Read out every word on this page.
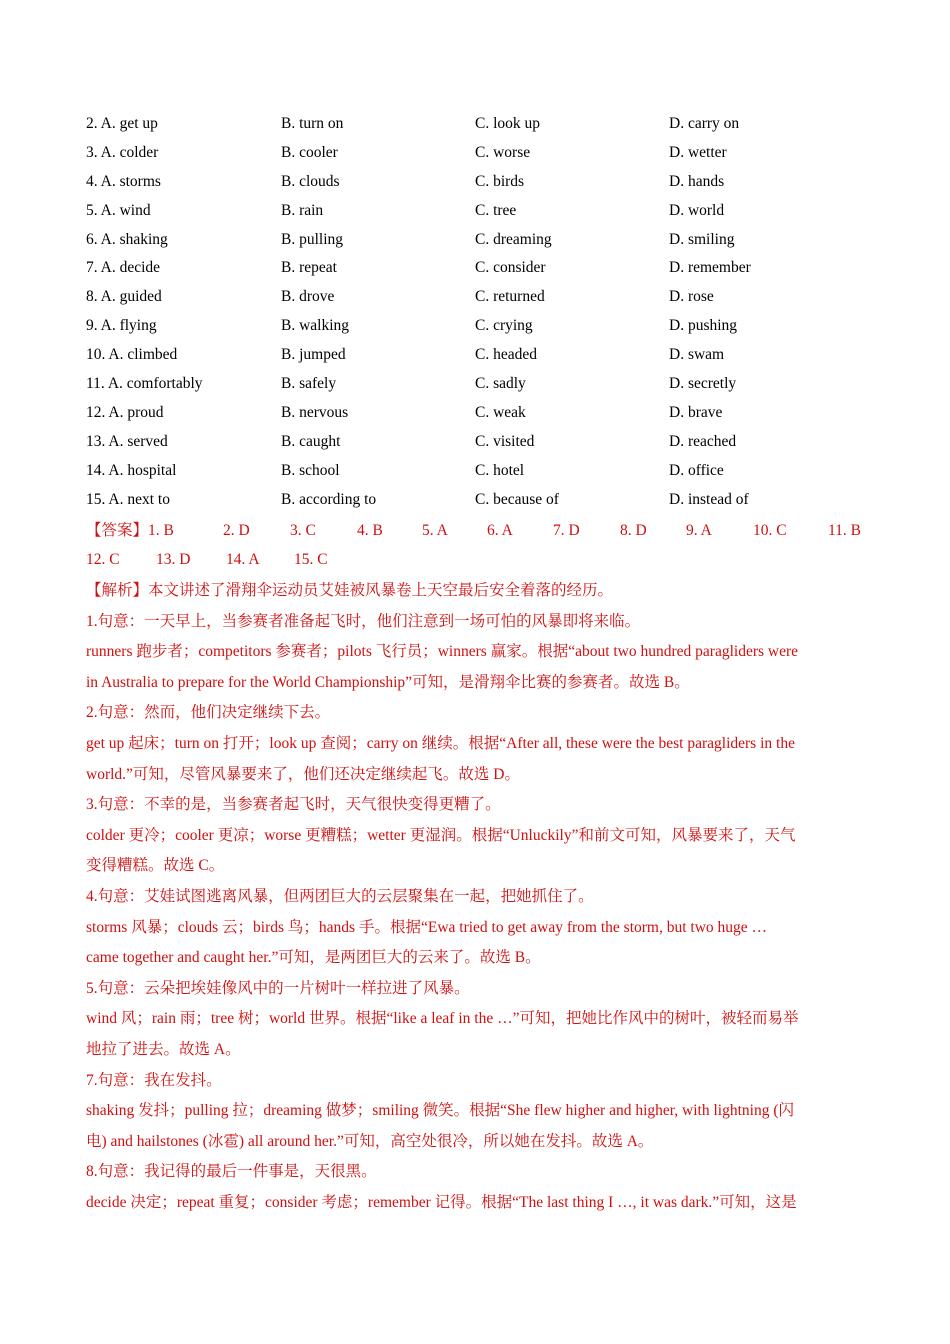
2. A. get up	B. turn on	C. look up	D. carry on
3. A. colder	B. cooler	C. worse	D. wetter
4. A. storms	B. clouds	C. birds	D. hands
5. A. wind	B. rain	C. tree	D. world
6. A. shaking	B. pulling	C. dreaming	D. smiling
7. A. decide	B. repeat	C. consider	D. remember
8. A. guided	B. drove	C. returned	D. rose
9. A. flying	B. walking	C. crying	D. pushing
10. A. climbed	B. jumped	C. headed	D. swam
11. A. comfortably	B. safely	C. sadly	D. secretly
12. A. proud	B. nervous	C. weak	D. brave
13. A. served	B. caught	C. visited	D. reached
14. A. hospital	B. school	C. hotel	D. office
15. A. next to	B. according to	C. because of	D. instead of
【答案】1. B	2. D	3. C	4. B	5. A	6. A	7. D	8. D	9. A	10. C	11. B
12. C 13. D 14. A 15. C
【解析】本文讲述了滑翔伞运动员艾娃被风暴卷上天空最后安全着落的经历。
1.句意：一天早上，当参赛者准备起飞时，他们注意到一场可怕的风暴即将来临。
runners 跑步者；competitors 参赛者；pilots 飞行员；winners 赢家。根据“about two hundred paragliders were
in Australia to prepare for the World Championship”可知，是滑翔伞比赛的参赛者。故选 B。
2.句意：然而，他们决定继续下去。
get up 起床；turn on 打开；look up 查阅；carry on 继续。根据“After all, these were the best paragliders in the
world.”可知，尽管风暴要来了，他们还决定继续起飞。故选 D。
3.句意：不幸的是，当参赛者起飞时，天气很快变得更糟了。
colder 更冷；cooler 更凉；worse 更糟糕；wetter 更湿润。根据“Unluckily”和前文可知，风暴要来了，天气
变得糟糕。故选 C。
4.句意：艾娃试图逃离风暴，但两团巨大的云层聚集在一起，把她抓住了。
storms 风暴；clouds 云；birds 鸟；hands 手。根据“Ewa tried to get away from the storm, but two huge …
came together and caught her.”可知，是两团巨大的云来了。故选 B。
5.句意：云朵把埃娃像风中的一片树叶一样拉进了风暴。
wind 风；rain 雨；tree 树；world 世界。根据“like a leaf in the …”可知，把她比作风中的树叶，被轻而易举
地拉了进去。故选 A。
7.句意：我在发抖。
shaking 发抖；pulling 拉；dreaming 做梦；smiling 微笑。根据“She flew higher and higher, with lightning (闪
电) and hailstones (冰雹) all around her.”可知，高空处很冷，所以她在发抖。故选 A。
8.句意：我记得的最后一件事是，天很黑。
decide 决定；repeat 重复；consider 考虑；remember 记得。根据“The last thing I …, it was dark.”可知，这是
